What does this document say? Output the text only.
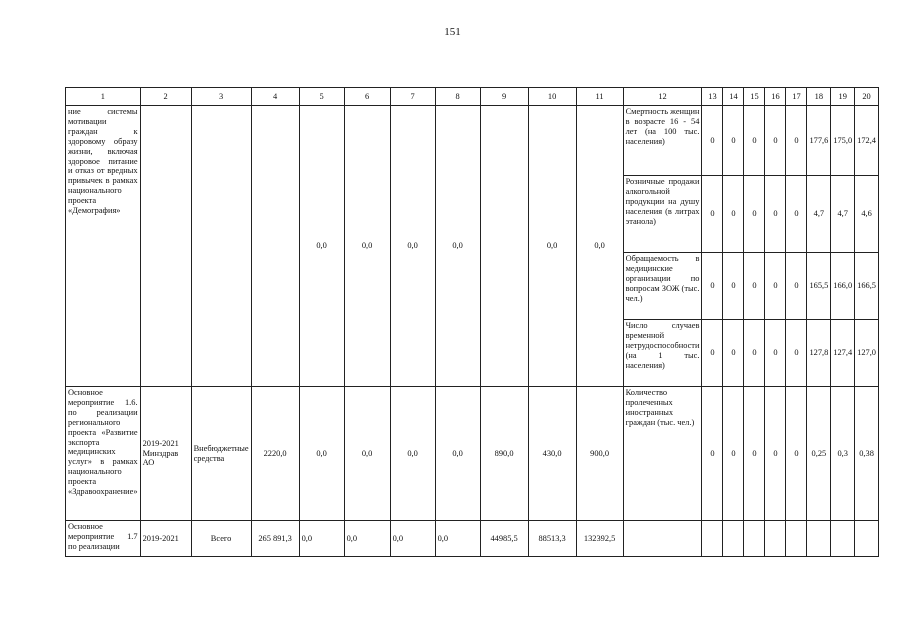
151
1	2	3	4	5	6	7	8	9	10	11	12	13	14	15	16	17	18	19	20
ние системы мотивации граждан к здоровому образу жизни, включая здоровое питание и отказ от вредных привычек в рамках национального проекта «Демография»				0,0	0,0	0,0	0,0		0,0	0,0	Смертность женщин в возрасте 16 - 54 лет (на 100 тыс. населения)	0	0	0	0	0	177,6	175,0	172,4
											Розничные продажи алкогольной продукции на душу населения (в литрах этанола)	0	0	0	0	0	4,7	4,7	4,6
											Обращаемость в медицинские организации по вопросам ЗОЖ (тыс. чел.)	0	0	0	0	0	165,5	166,0	166,5
											Число случаев временной нетрудоспособности (на 1 тыс. населения)	0	0	0	0	0	127,8	127,4	127,0
Основное мероприятие 1.6. по реализации регионального проекта «Развитие экспорта медицинских услуг» в рамках национального проекта «Здравоохранение»	2019-2021 Минздрав АО	Внебюджетные средства	2220,0	0,0	0,0	0,0	0,0	890,0	430,0	900,0	Количество пролеченных иностранных граждан (тыс. чел.)	0	0	0	0	0	0,25	0,3	0,38
Основное мероприятие 1.7 по реализации	2019-2021	Всего	265 891,3	0,0	0,0	0,0	0,0	44985,5	88513,3	132392,5									
